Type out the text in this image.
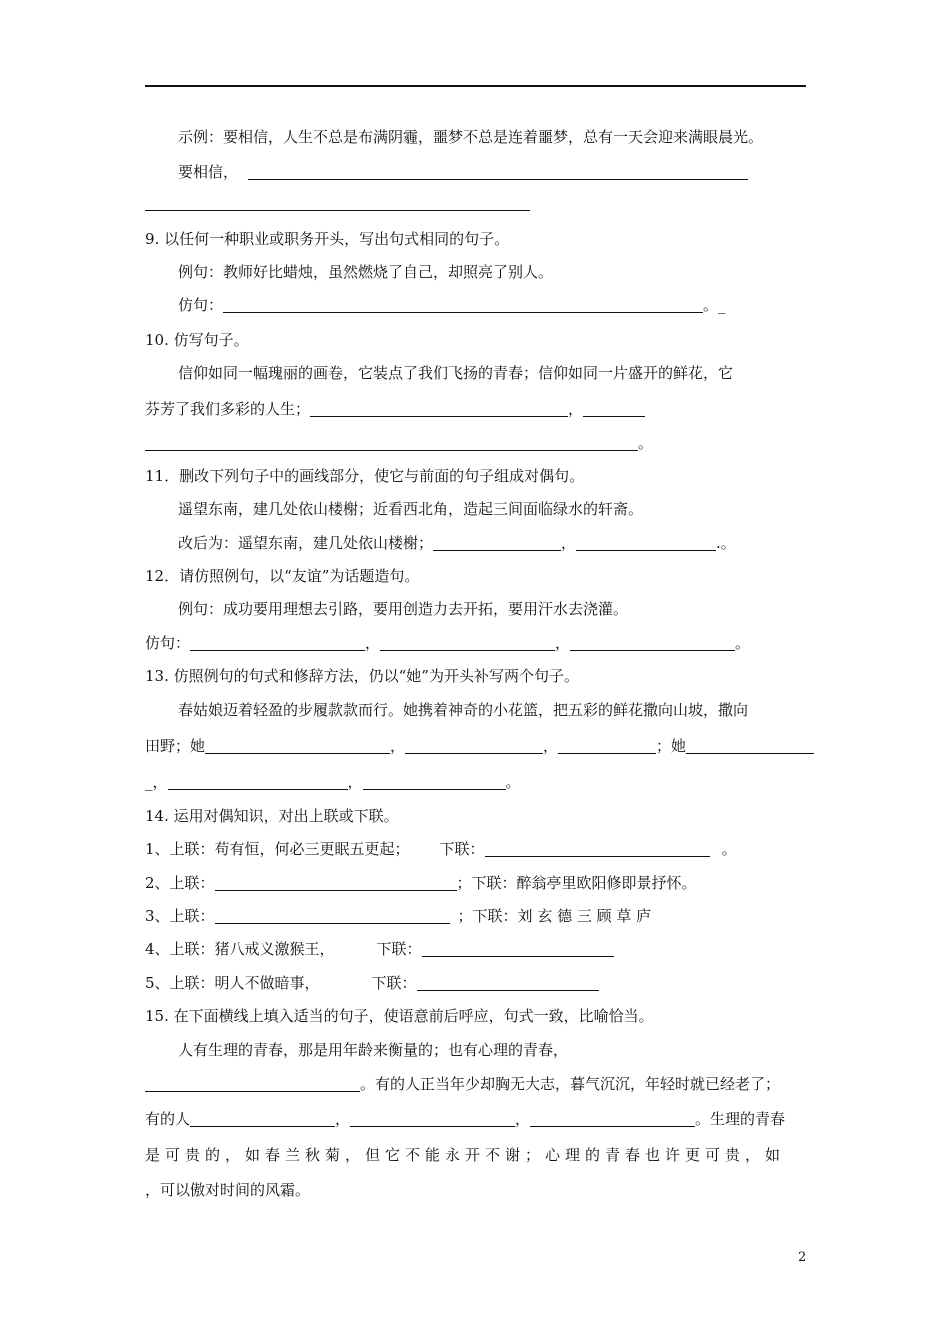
示例：要相信，人生不总是布满阴霾，噩梦不总是连着噩梦，总有一天会迎来满眼晨光。
要相信，
9. 以任何一种职业或职务开头，写出句式相同的句子。
例句：教师好比蜡烛，虽然燃烧了自己，却照亮了别人。
仿句：	。_
10. 仿写句子。
信仰如同一幅瑰丽的画卷，它装点了我们飞扬的青春；信仰如同一片盛开的鲜花，它
芬芳了我们多彩的人生；	，
。
11．删改下列句子中的画线部分，使它与前面的句子组成对偶句。
遥望东南，建几处依山楼榭；近看西北角，造起三间面临绿水的轩斋。
改后为：遥望东南，建几处依山楼榭；	，	.。
12．请仿照例句，以“友谊”为话题造句。
例句：成功要用理想去引路，要用创造力去开拓，要用汗水去浇灌。
仿句：	，	，	。
13. 仿照例句的句式和修辞方法，仍以“她”为开头补写两个句子。
春姑娘迈着轻盈的步履款款而行。她携着神奇的小花篮，把五彩的鲜花撒向山坡，撒向
田野；她	，	，	；她
_，	，	。
14. 运用对偶知识，对出上联或下联。
1、上联：苟有恒，何必三更眠五更起； 下联：	。
2、上联：	；下联：醉翁亭里欧阳修即景抒怀。
3、上联：	；下联：刘 玄 德 三 顾 草 庐
4、上联：猪八戒义激猴王，	下联：
5、上联：明人不做暗事，	下联：
15. 在下面横线上填入适当的句子，使语意前后呼应，句式一致，比喻恰当。
人有生理的青春，那是用年龄来衡量的；也有心理的青春，
。有的人正当年少却胸无大志，暮气沉沉，年轻时就已经老了；
有的人	，	，	。生理的青春
是可贵的，如春兰秋菊，但它不能永开不谢；心理的青春也许更可贵，如
，可以傲对时间的风霜。
2
